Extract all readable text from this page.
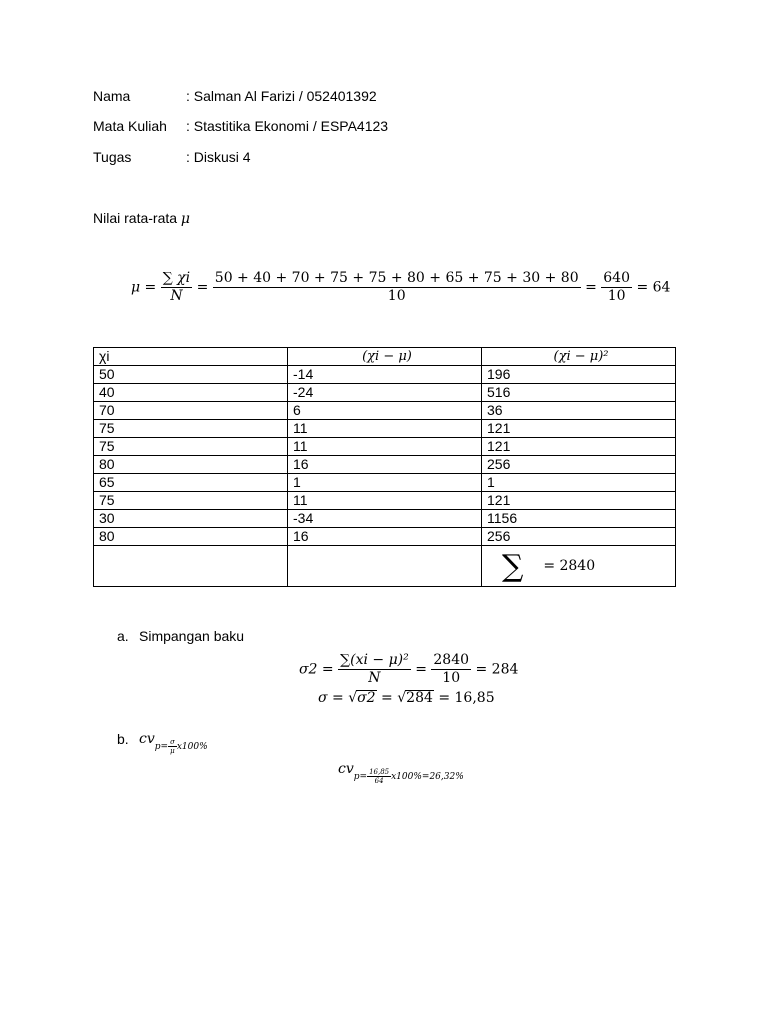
Nama	: Salman Al Farizi / 052401392
Mata Kuliah : Stastitika Ekonomi / ESPA4123
Tugas	: Diskusi 4
Nilai rata-rata μ
$\mu = \frac{\sum \chi i}{N} = \frac{50 + 40 + 70 + 75 + 75 + 80 + 65 + 75 + 30 + 80}{10} = \frac{640}{10} = 64$
χi	(χi − μ)	(χi − μ)²
50	-14	196
40	-24	516
70	6	36
75	11	121
75	11	121
80	16	256
65	1	1
75	11	121
30	-34	1156
80	16	256
		∑ = 2840
a. Simpangan baku
$\sigma 2 = \frac{\text{∑(xi − μ)²}}{N} = \frac{2840}{10} = 284$
σ = √σ2 = √284 = 16,85
b. $cv_{p= \frac{\sigma}{\mu} x100\%}$
$cv_{p= \frac{16,85}{64} x100\%=26,32\%}$
